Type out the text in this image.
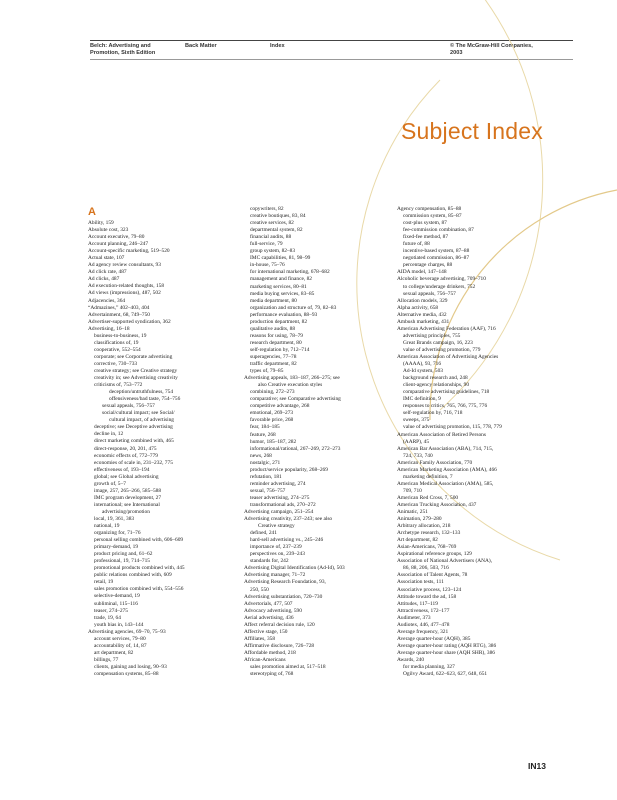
Belch: Advertising and Promotion, Sixth Edition
Back Matter	Index	© The McGraw-Hill Companies, 2003
Subject Index
A
Ability, 159
Absolute cost, 323
Account executive, 79–80
Account planning, 246–247
Account-specific marketing, 519–520
Actual state, 107
Ad agency review consultants, 93
Ad click rate, 487
Ad clicks, 487
Ad execution-related thoughts, 158
Ad views (impressions), 487, 502
Adjacencies, 364
“Admazines,” 402–403, 404
Advertainment, 68, 749–750
Advertiser-supported syndication, 362
Advertising, 16–18
business-to-business, 19
classifications of, 19
cooperative, 552–554
corporate; see Corporate advertising
corrective, 730–733
creative strategy; see Creative strategy
creativity in; see Advertising creativity
criticisms of, 753–772
deception/untruthfulness, 754
offensiveness/bad taste, 754–756
sexual appeals, 756–757
social/cultural impact; see Social/
cultural impact, of advertising
deceptive; see Deceptive advertising
decline in, 12
direct marketing combined with, 465
direct-response, 20, 201, 475
economic effects of, 772–779
economies of scale in, 231–232, 775
effectiveness of, 193–194
global; see Global advertising
growth of, 5–7
image, 257, 265–266, 585–588
IMC program development, 27
international; see International
advertising/promotion
local, 19, 361, 383
national, 19
organizing for, 71–76
personal selling combined with, 606–609
primary-demand, 19
product pricing and, 61–62
professional, 19, 714–715
promotional products combined with, 445
public relations combined with, 609
retail, 19
sales promotion combined with, 554–556
selective-demand, 19
subliminal, 115–116
teaser, 274–275
trade, 19, 64
youth bias in, 143–144
Advertising agencies, 69–70, 75–93
account services, 79–80
accountability of, 14, 87
art department, 82
billings, 77
clients, gaining and losing, 90–93
compensation systems, 85–88
copywriters, 82
creative boutiques, 83, 84
creative services, 82
departmental system, 82
financial audits, 88
full-service, 79
group system, 82–83
IMC capabilities, 81, 98–99
in-house, 75–76
for international marketing, 678–682
management and finance, 82
marketing services, 80–81
media buying services, 83–85
media department, 80
organization and structure of, 79, 82–83
performance evaluation, 88–93
production department, 82
qualitative audits, 88
reasons for using, 78–79
research department, 80
self-regulation by, 712–714
superagencies, 77–78
traffic department, 82
types of, 79–85
Advertising appeals, 183–187, 266–275; see
also Creative execution styles
combining, 272–273
comparative; see Comparative advertising
competitive advantage, 268
emotional, 269–273
favorable price, 268
fear, 184–185
feature, 268
humor, 185–187, 282
informational/rational, 267–269, 272–273
news, 268
nostalgic, 271
product/service popularity, 268–269
refutation, 181
reminder advertising, 274
sexual, 756–757
teaser advertising, 274–275
transformational ads, 270–272
Advertising campaign, 251–254
Advertising creativity, 237–243; see also
Creative strategy
defined, 241
hard-sell advertising vs., 245–246
importance of, 237–239
perspectives on, 239–243
standards for, 242
Advertising Digital Identification (Ad-Id), 503
Advertising manager, 71–72
Advertising Research Foundation, 93,
250, 550
Advertising substantiation, 720–730
Advertorials, 477, 507
Advocacy advertising, 590
Aerial advertising, 436
Affect referral decision rule, 120
Affective stage, 150
Affiliates, 358
Affirmative disclosure, 726–728
Affordable method, 218
African-Americans
sales promotion aimed at, 517–518
stereotyping of, 768
Agency compensation, 85–88
commission system, 85–87
cost-plus system, 87
fee-commission combination, 87
fixed-fee method, 87
future of, 88
incentive-based system, 87–88
negotiated commission, 86–87
percentage charges, 88
AIDA model, 147–148
Alcoholic beverage advertising, 709–710
to college/underage drinkers, 752
sexual appeals, 756–757
Allocation models, 329
Alpha activity, 658
Alternative media, 432
Ambush marketing, 431
American Advertising Federation (AAF), 716
advertising principles, 755
Great Brands campaign, 16, 223
value of advertising promotion, 779
American Association of Advertising Agencies
(AAAA), 93, 716
Ad-Id system, 503
background research and, 248
client-agency relationships, 90
comparative advertising guidelines, 718
IMC definition, 9
responses to critics, 765, 766, 775, 776
self-regulation by, 716, 718
sweeps, 375
value of advertising promotion, 115, 778, 779
American Association of Retired Persons
(AARP), 45
American Bar Association (ABA), 714, 715,
724, 733, 740
American Family Association, 770
American Marketing Association (AMA), 466
marketing definition, 7
American Medical Association (AMA), 585,
709, 710
American Red Cross, 7, 500
American Trucking Association, 437
Animatic, 251
Animation, 279–280
Arbitrary allocation, 218
Archetype research, 132–133
Art department, 82
Asian-Americans, 768–769
Aspirational reference groups, 129
Association of National Advertisers (ANA),
86, 88, 206, 503, 716
Association of Talent Agents, 78
Association tests, 111
Associative process, 123–124
Attitude toward the ad, 158
Attitudes, 117–119
Attractiveness, 172–177
Audimeter, 373
Audiotex, 446, 477–478
Average frequency, 321
Average quarter-hour (AQH), 385
Average quarter-hour rating (AQH RTG), 386
Average quarter-hour share (AQH SHR), 386
Awards, 240
for media planning, 327
Ogilvy Award, 622–623, 627, 648, 651
IN13
